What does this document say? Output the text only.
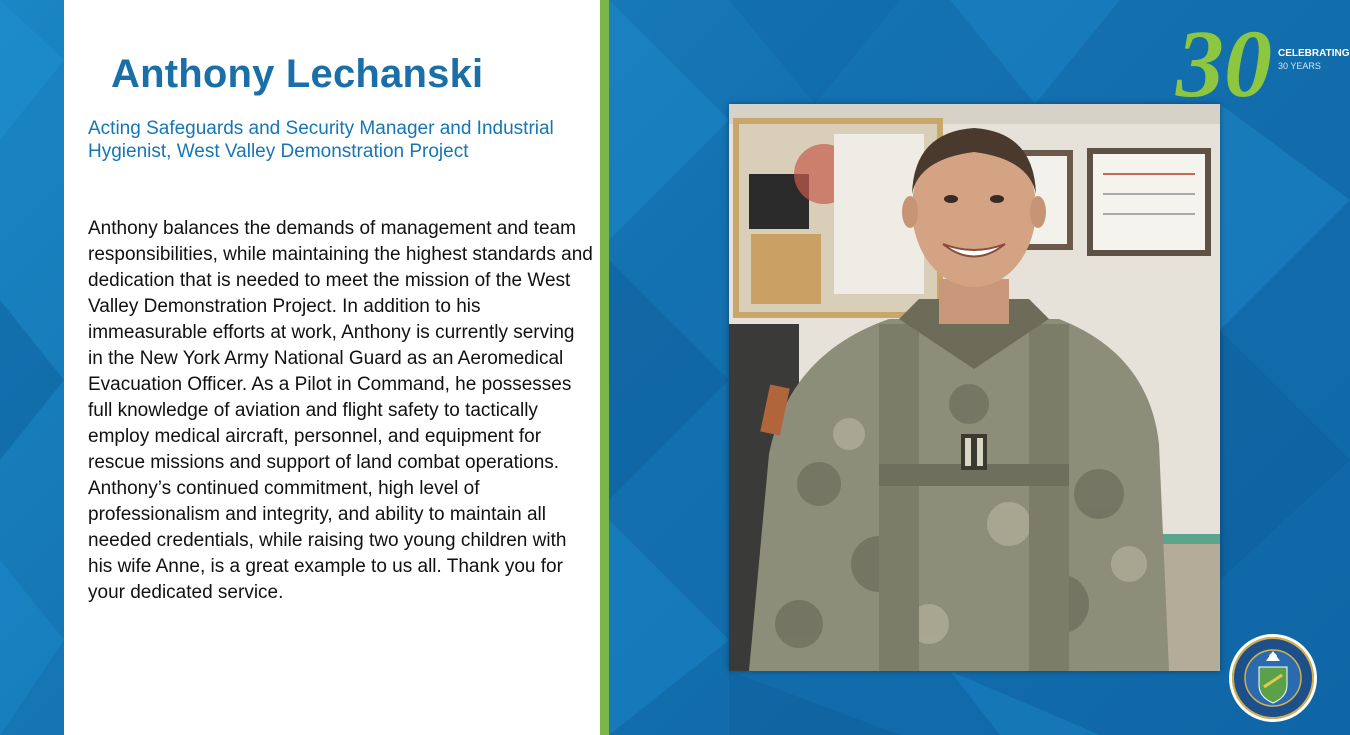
Anthony Lechanski
Acting Safeguards and Security Manager and Industrial Hygienist, West Valley Demonstration Project

Anthony balances the demands of management and team responsibilities, while maintaining the highest standards and dedication that is needed to meet the mission of the West Valley Demonstration Project. In addition to his immeasurable efforts at work, Anthony is currently serving in the New York Army National Guard as an Aeromedical Evacuation Officer. As a Pilot in Command, he possesses full knowledge of aviation and flight safety to tactically employ medical aircraft, personnel, and equipment for rescue missions and support of land combat operations. Anthony’s continued commitment, high level of professionalism and integrity, and ability to maintain all needed credentials, while raising two young children with his wife Anne, is a great example to us all. Thank you for your dedicated service.

30 CELEBRATING
30 YEARS
